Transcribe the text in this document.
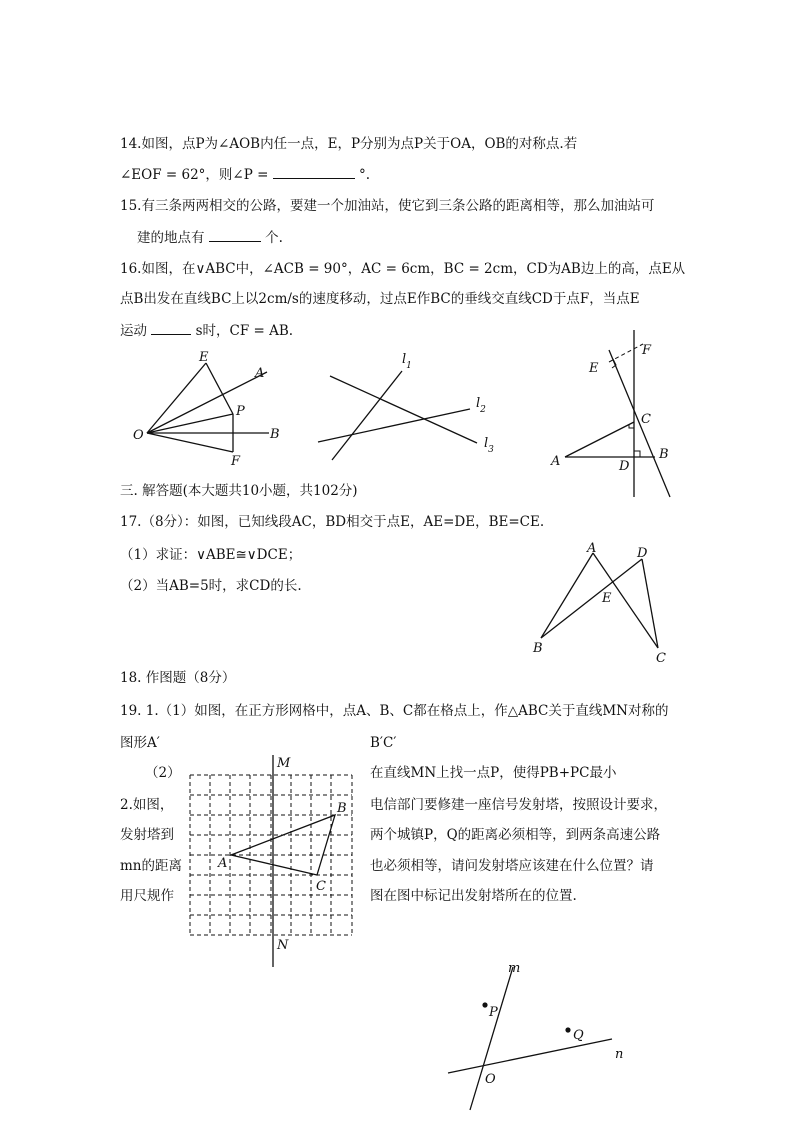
14.如图，点P为∠AOB内任一点，E，P分别为点P关于OA，OB的对称点.若
∠EOF = 62°，则∠P =	°.
15.有三条两两相交的公路，要建一个加油站，使它到三条公路的距离相等，那么加油站可
建的地点有	个.
16.如图，在∨ABC中，∠ACB = 90°，AC = 6cm，BC = 2cm，CD为AB边上的高，点E从
点B出发在直线BC上以2cm/s的速度移动，过点E作BC的垂线交直线CD于点F，当点E
运动	s时，CF = AB.
E
A
P
O	B
F
$l_1$
$l_2$
$l_3$
E
F
C
A	D
B
三. 解答题(本大题共10小题，共102分)
17.（8分）：如图，已知线段AC，BD相交于点E，AE=DE，BE=CE.
（1）求证：∨ABE≅∨DCE；
（2）当AB=5时，求CD的长.
A	D
E
B
C
18. 作图题（8分）
19. 1.（1）如图，在正方形网格中，点A、B、C都在格点上，作△ABC关于直线MN对称的
图形A′	B′C′
（2）	在直线MN上找一点P，使得PB+PC最小
2.如图，
发射塔到
mn的距离
用尺规作
电信部门要修建一座信号发射塔，按照设计要求，
两个城镇P，Q的距离必须相等，到两条高速公路
也必须相等，请问发射塔应该建在什么位置？请
图在图中标记出发射塔所在的位置.
M
N
A
B
C
m
n
P
Q
O
